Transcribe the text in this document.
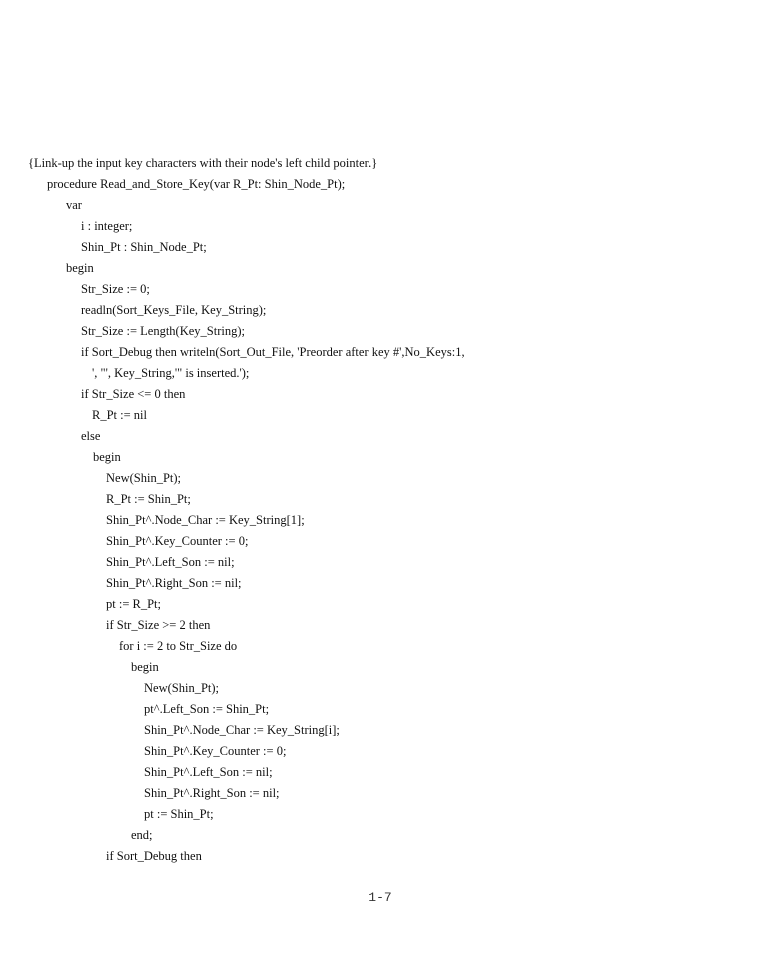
{Link-up the input key characters with their node's left child pointer.}
procedure Read_and_Store_Key(var R_Pt: Shin_Node_Pt);
var
i : integer;
Shin_Pt : Shin_Node_Pt;
begin
Str_Size := 0;
readln(Sort_Keys_File, Key_String);
Str_Size := Length(Key_String);
if Sort_Debug then writeln(Sort_Out_File, 'Preorder after key #',No_Keys:1,
', "', Key_String,'" is inserted.');
if Str_Size <= 0 then
R_Pt := nil
else
begin
New(Shin_Pt);
R_Pt := Shin_Pt;
Shin_Pt^.Node_Char := Key_String[1];
Shin_Pt^.Key_Counter := 0;
Shin_Pt^.Left_Son := nil;
Shin_Pt^.Right_Son := nil;
pt := R_Pt;
if Str_Size >= 2 then
for i := 2 to Str_Size do
begin
New(Shin_Pt);
pt^.Left_Son := Shin_Pt;
Shin_Pt^.Node_Char := Key_String[i];
Shin_Pt^.Key_Counter := 0;
Shin_Pt^.Left_Son := nil;
Shin_Pt^.Right_Son := nil;
pt := Shin_Pt;
end;
if Sort_Debug then
1-7
